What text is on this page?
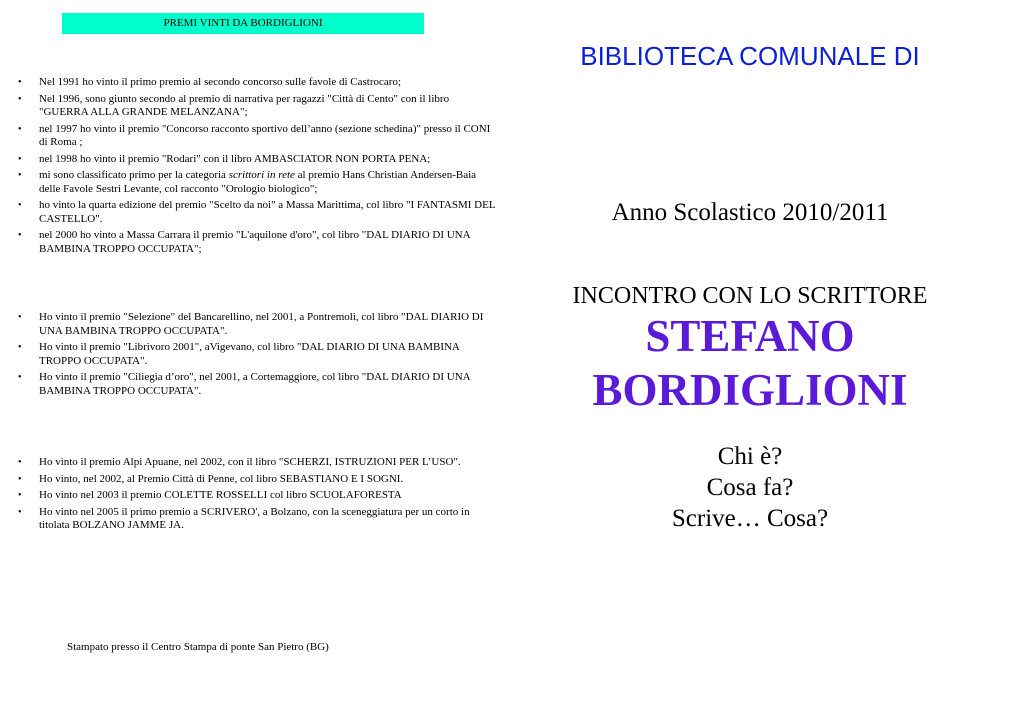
PREMI VINTI DA BORDIGLIONI
•	Nel 1991 ho vinto il primo premio al secondo concorso sulle favole di Castrocaro;
•	Nel 1996, sono giunto secondo al premio di narrativa per ragazzi "Città di Cento" con il libro "GUERRA ALLA GRANDE MELANZANA";
•	nel 1997 ho vinto il premio "Concorso racconto sportivo dell’anno (sezione schedina)" presso il CONI di Roma ;
•	nel 1998 ho vinto il premio "Rodari" con il libro AMBASCIATOR NON PORTA PENA;
•	mi sono classificato primo per la categoria scrittori in rete al premio Hans Christian Andersen-Baia delle Favole Sestri Levante, col racconto "Orologio biologico";
•	ho vinto la quarta edizione del premio "Scelto da noi" a Massa Marittima, col libro "I FANTASMI DEL CASTELLO".
•	nel 2000 ho vinto a Massa Carrara il premio "L'aquilone d'oro", col libro "DAL DIARIO DI UNA BAMBINA TROPPO OCCUPATA";
•	Ho vinto il premio "Selezione" del Bancarellino, nel 2001, a Pontremoli, col libro "DAL DIARIO DI UNA BAMBINA TROPPO OCCUPATA".
•	Ho vinto il premio "Librivoro 2001", aVigevano, col libro "DAL DIARIO DI UNA BAMBINA TROPPO OCCUPATA".
•	Ho vinto il premio "Ciliegia d’oro", nel 2001, a Cortemaggiore, col libro "DAL DIARIO DI UNA BAMBINA TROPPO OCCUPATA".
•	Ho vinto il premio Alpi Apuane, nel 2002, con il libro "SCHERZI, ISTRUZIONI PER L’USO".
•	Ho vinto, nel 2002, al Premio Città di Penne, col libro SEBASTIANO E I SOGNI.
•	Ho vinto nel 2003 il premio COLETTE ROSSELLI col libro SCUOLAFORESTA
•	Ho vinto nel 2005 il primo premio a SCRIVERO', a Bolzano, con la sceneggiatura per un corto in titolata BOLZANO JAMME JA.
Stampato presso il Centro Stampa di ponte San Pietro (BG)
BIBLIOTECA COMUNALE DI
Anno Scolastico 2010/2011
INCONTRO CON LO SCRITTORE
STEFANO
BORDIGLIONI
Chi è?
Cosa fa?
Scrive… Cosa?
